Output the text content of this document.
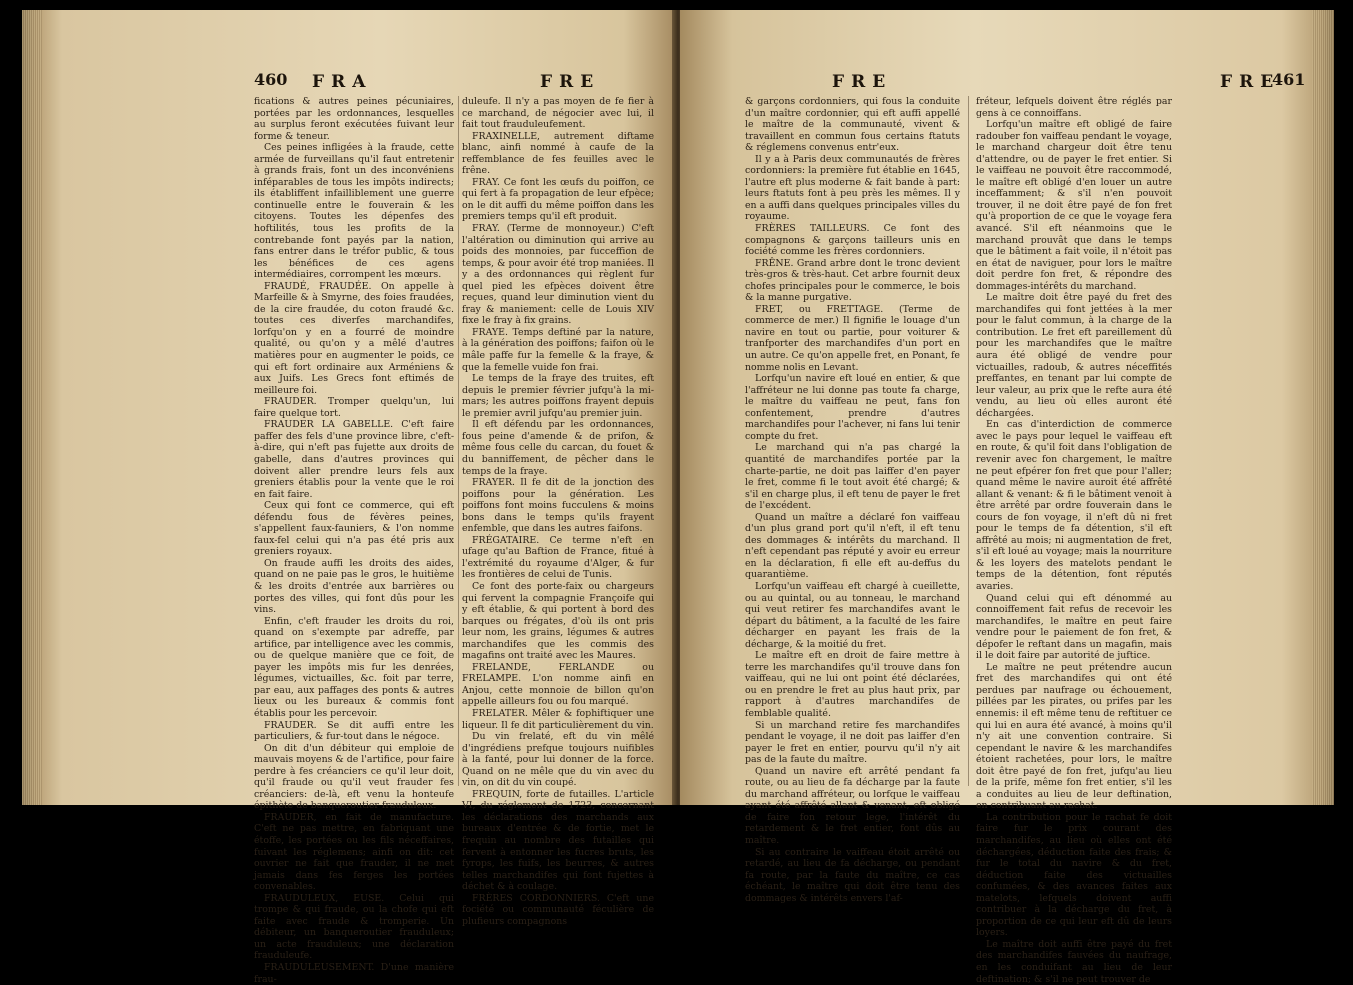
460 FRA	FRE

fications & autres peines pécuniaires, portées par les ordonnances, lesquelles au surplus feront exécutées fuivant leur forme & teneur.

Ces peines infligées à la fraude, cette armée de furveillans qu'il faut entretenir à grands frais, font un des inconvéniens inféparables de tous les impôts indirects; ils établiffent infailliblement une guerre continuelle entre le fouverain & les citoyens. Toutes les dépenfes des hoftilités, tous les profits de la contrebande font payés par la nation, fans entrer dans le tréfor public, & tous les bénéfices de ces agens intermédiaires, corrompent les mœurs.

FRAUDÉ, FRAUDÉE. On appelle à Marfeille & à Smyrne, des foies fraudées, de la cire fraudée, du coton fraudé &c. toutes ces diverfes marchandifes, lorfqu'on y en a fourré de moindre qualité, ou qu'on y a mêlé d'autres matières pour en augmenter le poids, ce qui eft fort ordinaire aux Arméniens & aux Juifs. Les Grecs font eftimés de meilleure foi.

FRAUDER. Tromper quelqu'un, lui faire quelque tort.

FRAUDER LA GABELLE. C'eft faire paffer des fels d'une province libre, c'eft-à-dire, qui n'eft pas fujette aux droits de gabelle, dans d'autres provinces qui doivent aller prendre leurs fels aux greniers établis pour la vente que le roi en fait faire.

Ceux qui font ce commerce, qui eft défendu fous de févères peines, s'appellent faux-fauniers, & l'on nomme faux-fel celui qui n'a pas été pris aux greniers royaux.

On fraude auffi les droits des aides, quand on ne paie pas le gros, le huitième & les droits d'entrée aux barrières ou portes des villes, qui font dûs pour les vins.

Enfin, c'eft frauder les droits du roi, quand on s'exempte par adreffe, par artifice, par intelligence avec les commis, ou de quelque manière que ce foit, de payer les impôts mis fur les denrées, légumes, victuailles, &c. foit par terre, par eau, aux paffages des ponts & autres lieux ou les bureaux & commis font établis pour les percevoir.

FRAUDER. Se dit auffi entre les particuliers, & fur-tout dans le négoce.

On dit d'un débiteur qui emploie de mauvais moyens & de l'artifice, pour faire perdre à fes créanciers ce qu'il leur doit, qu'il fraude ou qu'il veut frauder fes créanciers: de-là, eft venu la honteufe épithète de banqueroutier frauduleux.

FRAUDER, en fait de manufacture. C'eft ne pas mettre, en fabriquant une étoffe, les portées ou les fils néceffaires, fuivant les réglemens; ainfi on dit: cet ouvrier ne fait que frauder, il ne met jamais dans fes ferges les portées convenables.

FRAUDULEUX, EUSE. Celui qui trompe & qui fraude, ou la chofe qui eft faite avec fraude & tromperie. Un débiteur, un banqueroutier frauduleux; un acte frauduleux; une déclaration frauduleufe.

FRAUDULEUSEMENT. D'une manière frau-

duleufe. Il n'y a pas moyen de fe fier à ce marchand, de négocier avec lui, il fait tout frauduleufement.

FRAXINELLE, autrement diftame blanc, ainfi nommé à caufe de la reffemblance de fes feuilles avec le frêne.

FRAY. Ce font les œufs du poiffon, ce qui fert à fa propagation de leur efpèce; on le dit auffi du même poiffon dans les premiers temps qu'il eft produit.

FRAY. (Terme de monnoyeur.) C'eft l'altération ou diminution qui arrive au poids des monnoies, par fucceffion de temps, & pour avoir été trop maniées. Il y a des ordonnances qui règlent fur quel pied les efpèces doivent être reçues, quand leur diminution vient du fray & maniement: celle de Louis XIV fixe le fray à fix grains.

FRAYE. Temps deftiné par la nature, à la génération des poiffons; faifon où le mâle paffe fur la femelle & la fraye, & que la femelle vuide fon frai.

Le temps de la fraye des truites, eft depuis le premier février jufqu'à la mi-mars; les autres poiffons frayent depuis le premier avril jufqu'au premier juin.

Il eft défendu par les ordonnances, fous peine d'amende & de prifon, & même fous celle du carcan, du fouet & du banniffement, de pêcher dans le temps de la fraye.

FRAYER. Il fe dit de la jonction des poiffons pour la génération. Les poiffons font moins fucculens & moins bons dans le temps qu'ils frayent enfemble, que dans les autres faifons.

FRÉGATAIRE. Ce terme n'eft en ufage qu'au Baftion de France, fitué à l'extrémité du royaume d'Alger, & fur les frontières de celui de Tunis.

Ce font des porte-faix ou chargeurs qui fervent la compagnie Françoife qui y eft établie, & qui portent à bord des barques ou frégates, d'où ils ont pris leur nom, les grains, légumes & autres marchandifes que les commis des magafins ont traité avec les Maures.

FRELANDE, FERLANDE ou FRELAMPE. L'on nomme ainfi en Anjou, cette monnoie de billon qu'on appelle ailleurs fou ou fou marqué.

FRELATER. Mêler & fophiftiquer une liqueur. Il fe dit particulièrement du vin.

Du vin frelaté, eft du vin mêlé d'ingrédiens prefque toujours nuifibles à la fanté, pour lui donner de la force. Quand on ne mêle que du vin avec du vin, on dit du vin coupé.

FREQUIN, forte de futailles. L'article VI, du réglement de 1723, concernant les déclarations des marchands aux bureaux d'entrée & de fortie, met le frequin au nombre des futailles qui fervent à entonner les fucres bruts, les fyrops, les fuifs, les beurres, & autres telles marchandifes qui font fujettes à déchet & à coulage.

FRÈRES CORDONNIERS. C'eft une fociété ou communauté féculière de plufieurs compagnons

FRE	FRE
461

& garçons cordonniers, qui fous la conduite d'un maître cordonnier, qui eft auffi appellé le maître de la communauté, vivent & travaillent en commun fous certains ftatuts & réglemens convenus entr'eux.

Il y a à Paris deux communautés de frères cordonniers: la première fut établie en 1645, l'autre eft plus moderne & fait bande à part: leurs ftatuts font à peu près les mêmes. Il y en a auffi dans quelques principales villes du royaume.

FRÈRES TAILLEURS. Ce font des compagnons & garçons tailleurs unis en fociété comme les frères cordonniers.

FRÊNE. Grand arbre dont le tronc devient très-gros & très-haut. Cet arbre fournit deux chofes principales pour le commerce, le bois & la manne purgative.

FRET, ou FRETTAGE. (Terme de commerce de mer.) Il fignifie le louage d'un navire en tout ou partie, pour voiturer & tranfporter des marchandifes d'un port en un autre. Ce qu'on appelle fret, en Ponant, fe nomme nolis en Levant.

Lorfqu'un navire eft loué en entier, & que l'affréteur ne lui donne pas toute fa charge, le maître du vaiffeau ne peut, fans fon confentement, prendre d'autres marchandifes pour l'achever, ni fans lui tenir compte du fret.

Le marchand qui n'a pas chargé la quantité de marchandifes portée par la charte-partie, ne doit pas laiffer d'en payer le fret, comme fi le tout avoit été chargé; & s'il en charge plus, il eft tenu de payer le fret de l'excédent.

Quand un maître a déclaré fon vaiffeau d'un plus grand port qu'il n'eft, il eft tenu des dommages & intérêts du marchand. Il n'eft cependant pas réputé y avoir eu erreur en la déclaration, fi elle eft au-deffus du quarantième.

Lorfqu'un vaiffeau eft chargé à cueillette, ou au quintal, ou au tonneau, le marchand qui veut retirer fes marchandifes avant le départ du bâtiment, a la faculté de les faire décharger en payant les frais de la décharge, & la moitié du fret.

Le maître eft en droit de faire mettre à terre les marchandifes qu'il trouve dans fon vaiffeau, qui ne lui ont point été déclarées, ou en prendre le fret au plus haut prix, par rapport à d'autres marchandifes de femblable qualité.

Si un marchand retire fes marchandifes pendant le voyage, il ne doit pas laiffer d'en payer le fret en entier, pourvu qu'il n'y ait pas de la faute du maître.

Quand un navire eft arrêté pendant fa route, ou au lieu de fa décharge par la faute du marchand affréteur, ou lorfque le vaiffeau ayant été affrêté allant & venant, eft obligé de faire fon retour lege, l'intérêt du retardement & le fret entier, font dûs au maître.

Si au contraire le vaiffeau étoit arrêté ou retardé, au lieu de fa décharge, ou pendant fa route, par la faute du maître, ce cas échéant, le maître qui doit être tenu des dommages & intérêts envers l'af-

fréteur, lefquels doivent être réglés par gens à ce connoiffans.

Lorfqu'un maître eft obligé de faire radouber fon vaiffeau pendant le voyage, le marchand chargeur doit être tenu d'attendre, ou de payer le fret entier. Si le vaiffeau ne pouvoit être raccommodé, le maître eft obligé d'en louer un autre inceffamment; & s'il n'en pouvoit trouver, il ne doit être payé de fon fret qu'à proportion de ce que le voyage fera avancé. S'il eft néanmoins que le marchand prouvât que dans le temps que le bâtiment a fait voile, il n'étoit pas en état de naviguer, pour lors le maître doit perdre fon fret, & répondre des dommages-intérêts du marchand.

Le maître doit être payé du fret des marchandifes qui font jettées à la mer pour le falut commun, à la charge de la contribution. Le fret eft pareillement dû pour les marchandifes que le maître aura été obligé de vendre pour victuailles, radoub, & autres néceffités preffantes, en tenant par lui compte de leur valeur, au prix que le refte aura été vendu, au lieu où elles auront été déchargées.

En cas d'interdiction de commerce avec le pays pour lequel le vaiffeau eft en route, & qu'il foit dans l'obligation de revenir avec fon chargement, le maître ne peut efpérer fon fret que pour l'aller; quand même le navire auroit été affrêté allant & venant: & fi le bâtiment venoit à être arrêté par ordre fouverain dans le cours de fon voyage, il n'eft dû ni fret pour le temps de fa détention, s'il eft affrêté au mois; ni augmentation de fret, s'il eft loué au voyage; mais la nourriture & les loyers des matelots pendant le temps de la détention, font réputés avaries.

Quand celui qui eft dénommé au connoiffement fait refus de recevoir les marchandifes, le maître en peut faire vendre pour le paiement de fon fret, & dépofer le reftant dans un magafin, mais il le doit faire par autorité de juftice.

Le maître ne peut prétendre aucun fret des marchandifes qui ont été perdues par naufrage ou échouement, pillées par les pirates, ou prifes par les ennemis: il eft même tenu de reftituer ce qui lui en aura été avancé, à moins qu'il n'y ait une convention contraire. Si cependant le navire & les marchandifes étoient rachetées, pour lors, le maître doit être payé de fon fret, jufqu'au lieu de la prife, même fon fret entier, s'il les a conduites au lieu de leur deftination, en contribuant au rachat.

La contribution pour le rachat fe doit faire fur le prix courant des marchandifes, au lieu où elles ont été déchargées, déduction faite des frais; & fur le total du navire & du fret, déduction faite des victuailles confumées, & des avances faites aux matelots, lefquels doivent auffi contribuer à la décharge du fret, à proportion de ce qui leur eft dû de leurs loyers.

Le maître doit auffi être payé du fret des marchandifes fauvées du naufrage, en les conduifant au lieu de leur deftination; & s'il ne peut trouver de
